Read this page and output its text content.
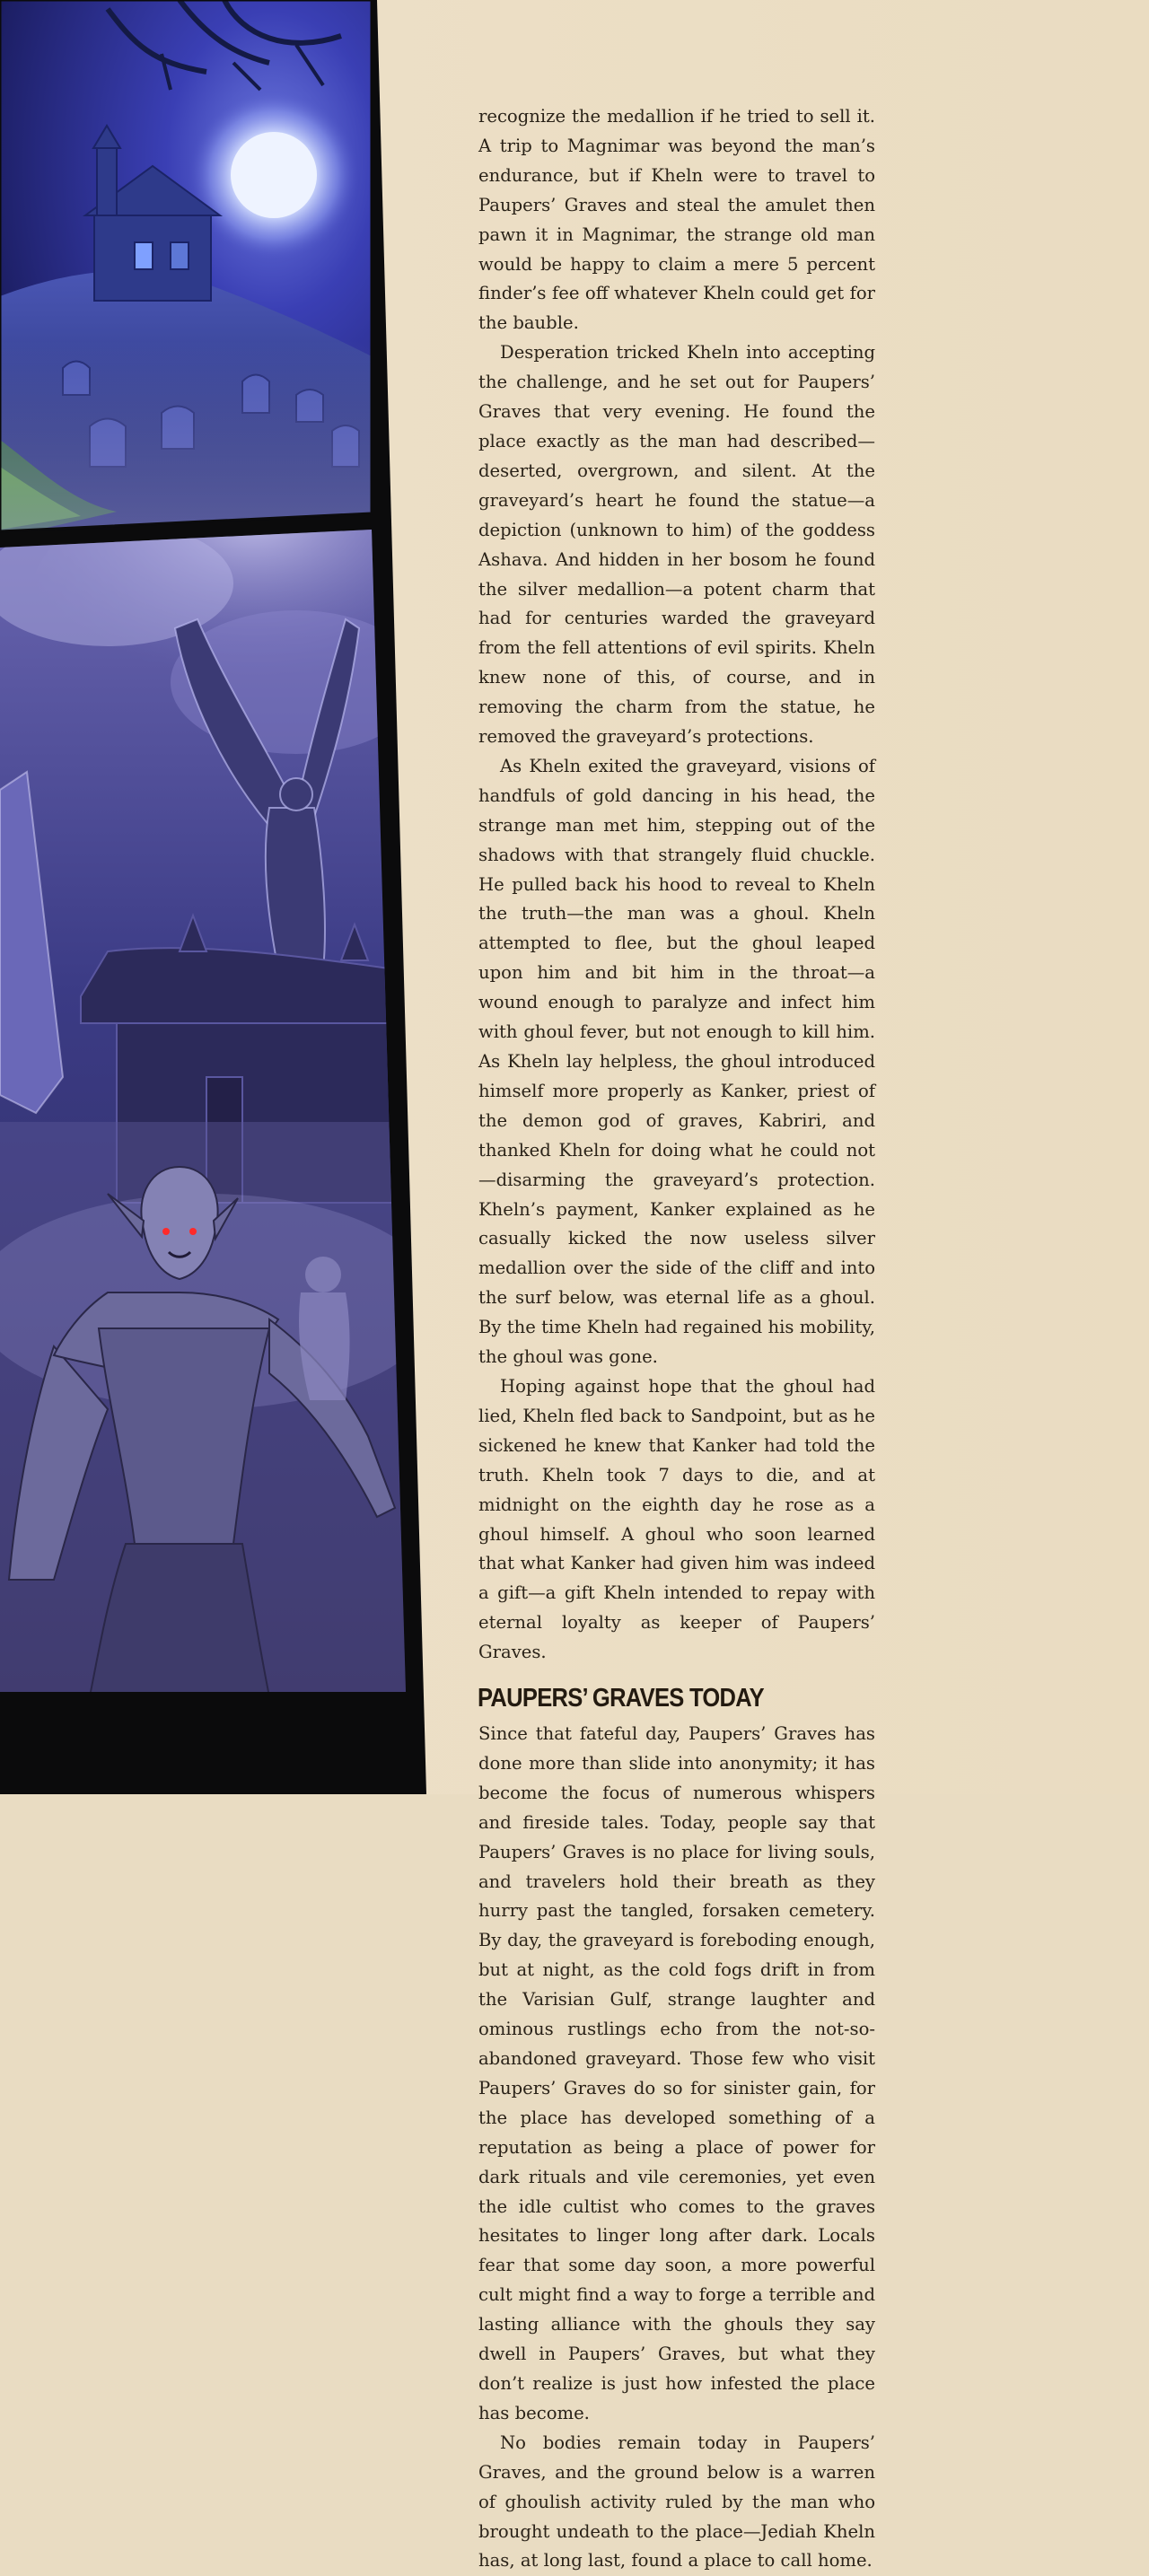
recognize the medallion if he tried to sell it. A trip to Magnimar was beyond the man’s endurance, but if Kheln were to travel to Paupers’ Graves and steal the amulet then pawn it in Magnimar, the strange old man would be happy to claim a mere 5 percent finder’s fee off whatever Kheln could get for the bauble.

Desperation tricked Kheln into accepting the challenge, and he set out for Paupers’ Graves that very evening. He found the place exactly as the man had described—deserted, overgrown, and silent. At the graveyard’s heart he found the statue—a depiction (unknown to him) of the goddess Ashava. And hidden in her bosom he found the silver medallion—a potent charm that had for centuries warded the graveyard from the fell attentions of evil spirits. Kheln knew none of this, of course, and in removing the charm from the statue, he removed the graveyard’s protections.

As Kheln exited the graveyard, visions of handfuls of gold dancing in his head, the strange man met him, stepping out of the shadows with that strangely fluid chuckle. He pulled back his hood to reveal to Kheln the truth—the man was a ghoul. Kheln attempted to flee, but the ghoul leaped upon him and bit him in the throat—a wound enough to paralyze and infect him with ghoul fever, but not enough to kill him. As Kheln lay helpless, the ghoul introduced himself more properly as Kanker, priest of the demon god of graves, Kabriri, and thanked Kheln for doing what he could not—disarming the graveyard’s protection. Kheln’s payment, Kanker explained as he casually kicked the now useless silver medallion over the side of the cliff and into the surf below, was eternal life as a ghoul. By the time Kheln had regained his mobility, the ghoul was gone.

Hoping against hope that the ghoul had lied, Kheln fled back to Sandpoint, but as he sickened he knew that Kanker had told the truth. Kheln took 7 days to die, and at midnight on the eighth day he rose as a ghoul himself. A ghoul who soon learned that what Kanker had given him was indeed a gift—a gift Kheln intended to repay with eternal loyalty as keeper of Paupers’ Graves.

PAUPERS’ GRAVES TODAY

Since that fateful day, Paupers’ Graves has done more than slide into anonymity; it has become the focus of numerous whispers and fireside tales. Today, people say that Paupers’ Graves is no place for living souls, and travelers hold their breath as they hurry past the tangled, forsaken cemetery. By day, the graveyard is foreboding enough, but at night, as the cold fogs drift in from the Varisian Gulf, strange laughter and ominous rustlings echo from the not-so-abandoned graveyard. Those few who visit Paupers’ Graves do so for sinister gain, for the place has developed something of a reputation as being a place of power for dark rituals and vile ceremonies, yet even the idle cultist who comes to the graves hesitates to linger long after dark. Locals fear that some day soon, a more powerful cult might find a way to forge a terrible and lasting alliance with the ghouls they say dwell in Paupers’ Graves, but what they don’t realize is just how infested the place has become.

No bodies remain today in Paupers’ Graves, and the ground below is a warren of ghoulish activity ruled by the man who brought undeath to the place—Jediah Kheln has, at long last, found a place to call home.
